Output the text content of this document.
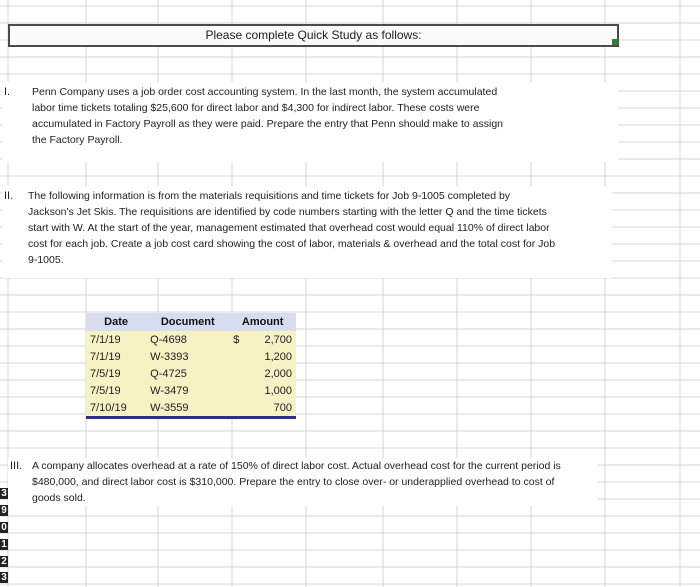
Please complete Quick Study as follows:
I. Penn Company uses a job order cost accounting system. In the last month, the system accumulated
labor time tickets totaling $25,600 for direct labor and $4,300 for indirect labor. These costs were
accumulated in Factory Payroll as they were paid. Prepare the entry that Penn should make to assign
the Factory Payroll.
II. The following information is from the materials requisitions and time tickets for Job 9-1005 completed by
Jackson's Jet Skis. The requisitions are identified by code numbers starting with the letter Q and the time tickets
start with W. At the start of the year, management estimated that overhead cost would equal 110% of direct labor
cost for each job. Create a job cost card showing the cost of labor, materials & overhead and the total cost for Job
9-1005.
Date	Document	Amount
7/1/19	Q-4698	$ 2,700
7/1/19	W-3393	1,200
7/5/19	Q-4725	2,000
7/5/19	W-3479	1,000
7/10/19	W-3559	700
III. A company allocates overhead at a rate of 150% of direct labor cost. Actual overhead cost for the current period is
$480,000, and direct labor cost is $310,000. Prepare the entry to close over- or underapplied overhead to cost of
goods sold.
3
9
0
1
2
3
